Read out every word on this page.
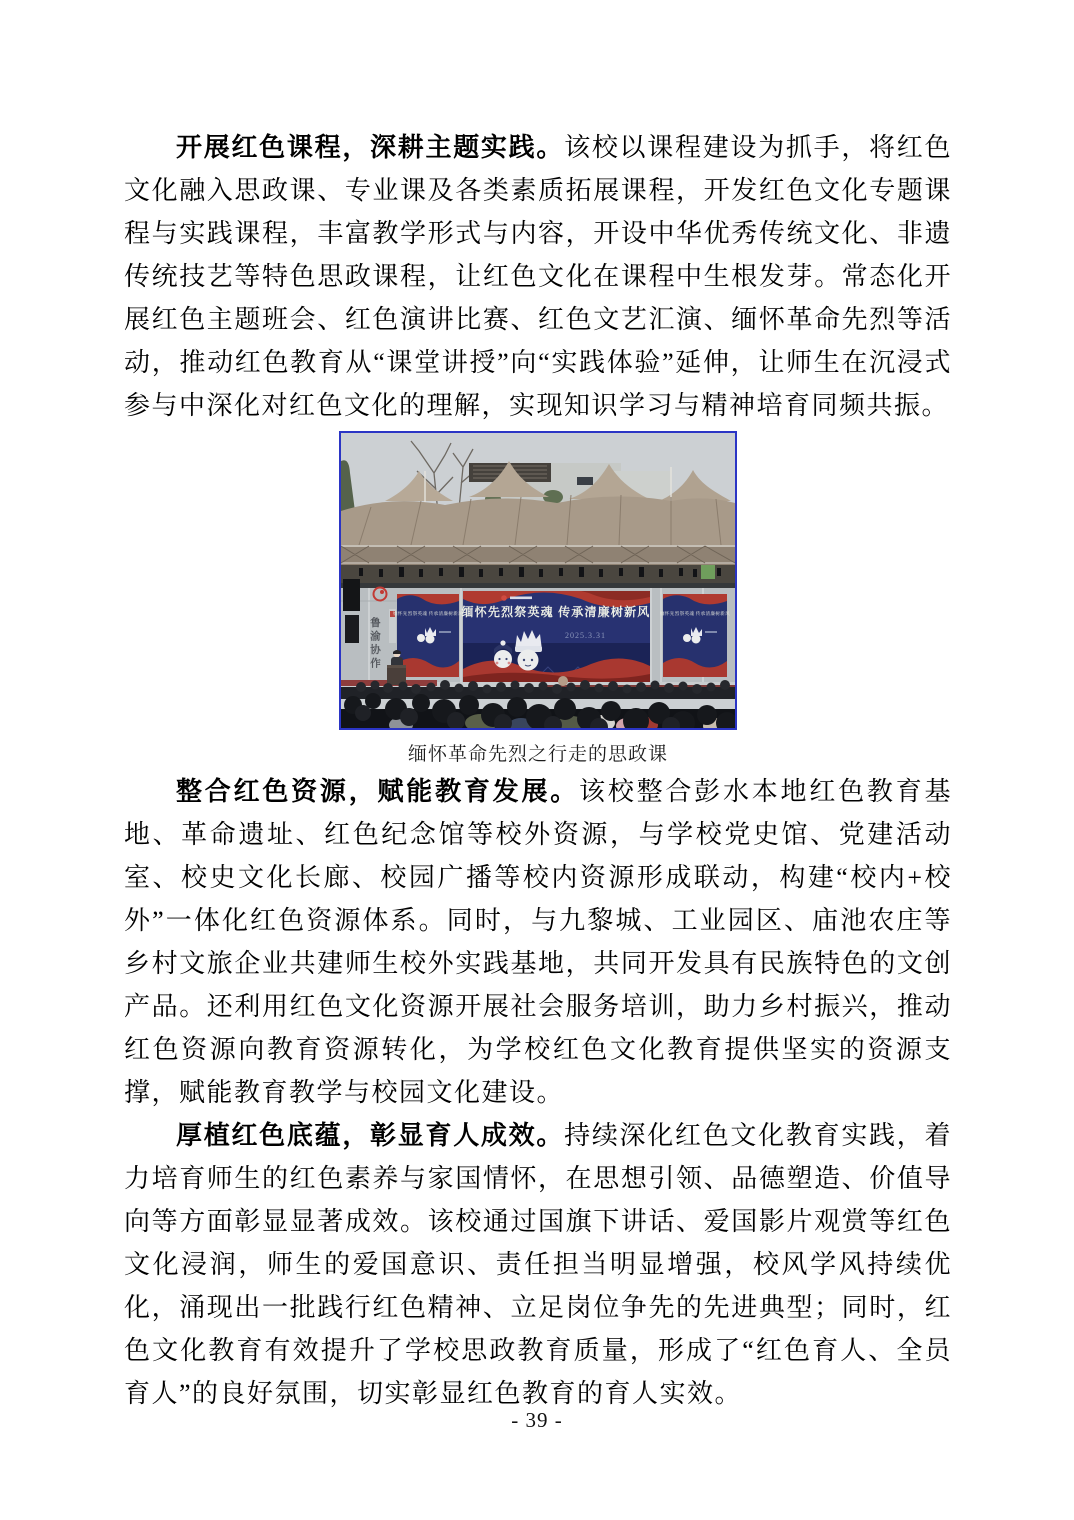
开展红色课程，深耕主题实践。该校以课程建设为抓手，将红色文化融入思政课、专业课及各类素质拓展课程，开发红色文化专题课程与实践课程，丰富教学形式与内容，开设中华优秀传统文化、非遗传统技艺等特色思政课程，让红色文化在课程中生根发芽。常态化开展红色主题班会、红色演讲比赛、红色文艺汇演、缅怀革命先烈等活动，推动红色教育从“课堂讲授”向“实践体验”延伸，让师生在沉浸式参与中深化对红色文化的理解，实现知识学习与精神培育同频共振。

缅怀先烈祭英魂 传承清廉树新风	缅怀先烈祭英魂 传承清廉树新风
缅怀先烈祭英魂 传承清廉树新风
2025.3.31
鲁渝协作
缅怀革命先烈之行走的思政课

整合红色资源，赋能教育发展。该校整合彭水本地红色教育基地、革命遗址、红色纪念馆等校外资源，与学校党史馆、党建活动室、校史文化长廊、校园广播等校内资源形成联动，构建“校内+校外”一体化红色资源体系。同时，与九黎城、工业园区、庙池农庄等乡村文旅企业共建师生校外实践基地，共同开发具有民族特色的文创产品。还利用红色文化资源开展社会服务培训，助力乡村振兴，推动红色资源向教育资源转化，为学校红色文化教育提供坚实的资源支撑，赋能教育教学与校园文化建设。

厚植红色底蕴，彰显育人成效。持续深化红色文化教育实践，着力培育师生的红色素养与家国情怀，在思想引领、品德塑造、价值导向等方面彰显显著成效。该校通过国旗下讲话、爱国影片观赏等红色文化浸润，师生的爱国意识、责任担当明显增强，校风学风持续优化，涌现出一批践行红色精神、立足岗位争先的先进典型；同时，红色文化教育有效提升了学校思政教育质量，形成了“红色育人、全员育人”的良好氛围，切实彰显红色教育的育人实效。

- 39 -
